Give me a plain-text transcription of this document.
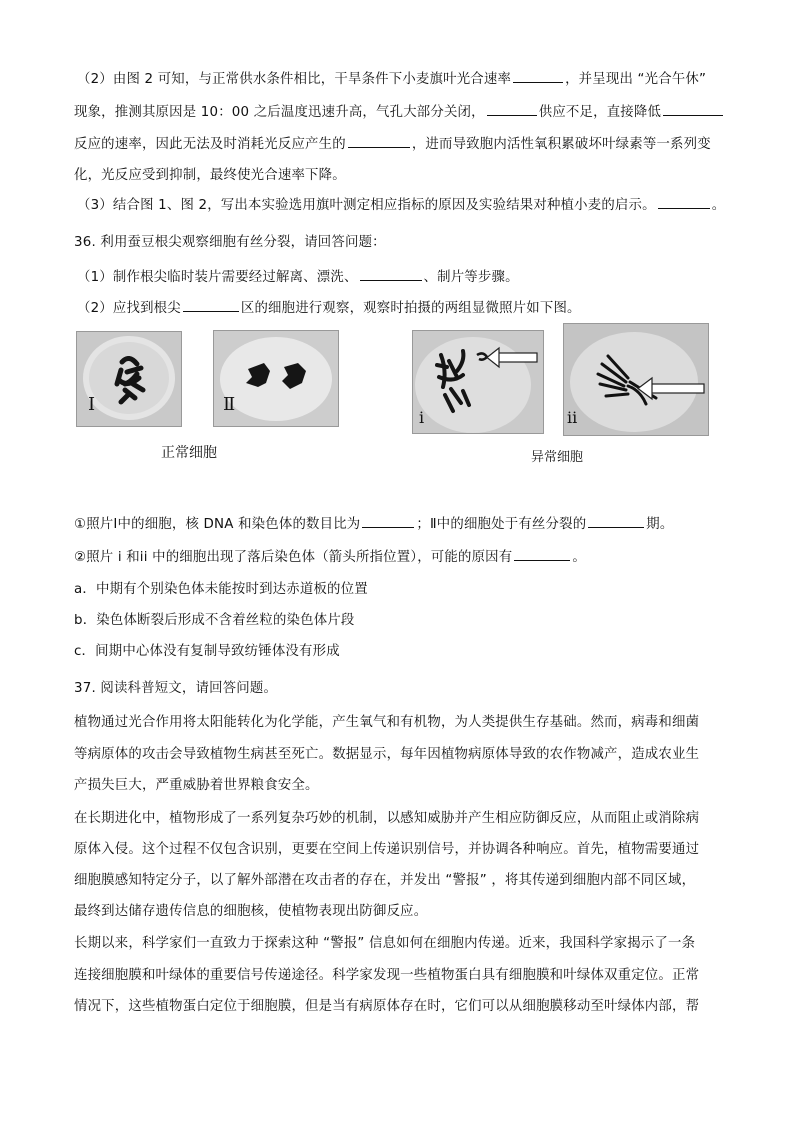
（2）由图 2 可知，与正常供水条件相比，干旱条件下小麦旗叶光合速率	，并呈现出 “光合午休”
现象，推测其原因是 10：00 之后温度迅速升高，气孔大部分关闭，	供应不足，直接降低
反应的速率，因此无法及时消耗光反应产生的	，进而导致胞内活性氧积累破坏叶绿素等一系列变
化，光反应受到抑制，最终使光合速率下降。
（3）结合图 1、图 2，写出本实验选用旗叶测定相应指标的原因及实验结果对种植小麦的启示。	。
36. 利用蚕豆根尖观察细胞有丝分裂，请回答问题：
（1）制作根尖临时装片需要经过解离、漂洗、	、制片等步骤。
（2）应找到根尖	区的细胞进行观察，观察时拍摄的两组显微照片如下图。
Ⅰ	Ⅱ
i	ii
正常细胞	异常细胞
①照片Ⅰ中的细胞，核 DNA 和染色体的数目比为	；Ⅱ中的细胞处于有丝分裂的	期。
②照片 i 和ii 中的细胞出现了落后染色体（箭头所指位置），可能的原因有	。
a．中期有个别染色体未能按时到达赤道板的位置
b．染色体断裂后形成不含着丝粒的染色体片段
c．间期中心体没有复制导致纺锤体没有形成
37. 阅读科普短文，请回答问题。
植物通过光合作用将太阳能转化为化学能，产生氧气和有机物，为人类提供生存基础。然而，病毒和细菌
等病原体的攻击会导致植物生病甚至死亡。数据显示，每年因植物病原体导致的农作物减产，造成农业生
产损失巨大，严重威胁着世界粮食安全。
在长期进化中，植物形成了一系列复杂巧妙的机制，以感知威胁并产生相应防御反应，从而阻止或消除病
原体入侵。这个过程不仅包含识别，更要在空间上传递识别信号，并协调各种响应。首先，植物需要通过
细胞膜感知特定分子，以了解外部潜在攻击者的存在，并发出 “警报” ，将其传递到细胞内部不同区域，
最终到达储存遗传信息的细胞核，使植物表现出防御反应。
长期以来，科学家们一直致力于探索这种 “警报” 信息如何在细胞内传递。近来，我国科学家揭示了一条
连接细胞膜和叶绿体的重要信号传递途径。科学家发现一些植物蛋白具有细胞膜和叶绿体双重定位。正常
情况下，这些植物蛋白定位于细胞膜，但是当有病原体存在时，它们可以从细胞膜移动至叶绿体内部，帮
